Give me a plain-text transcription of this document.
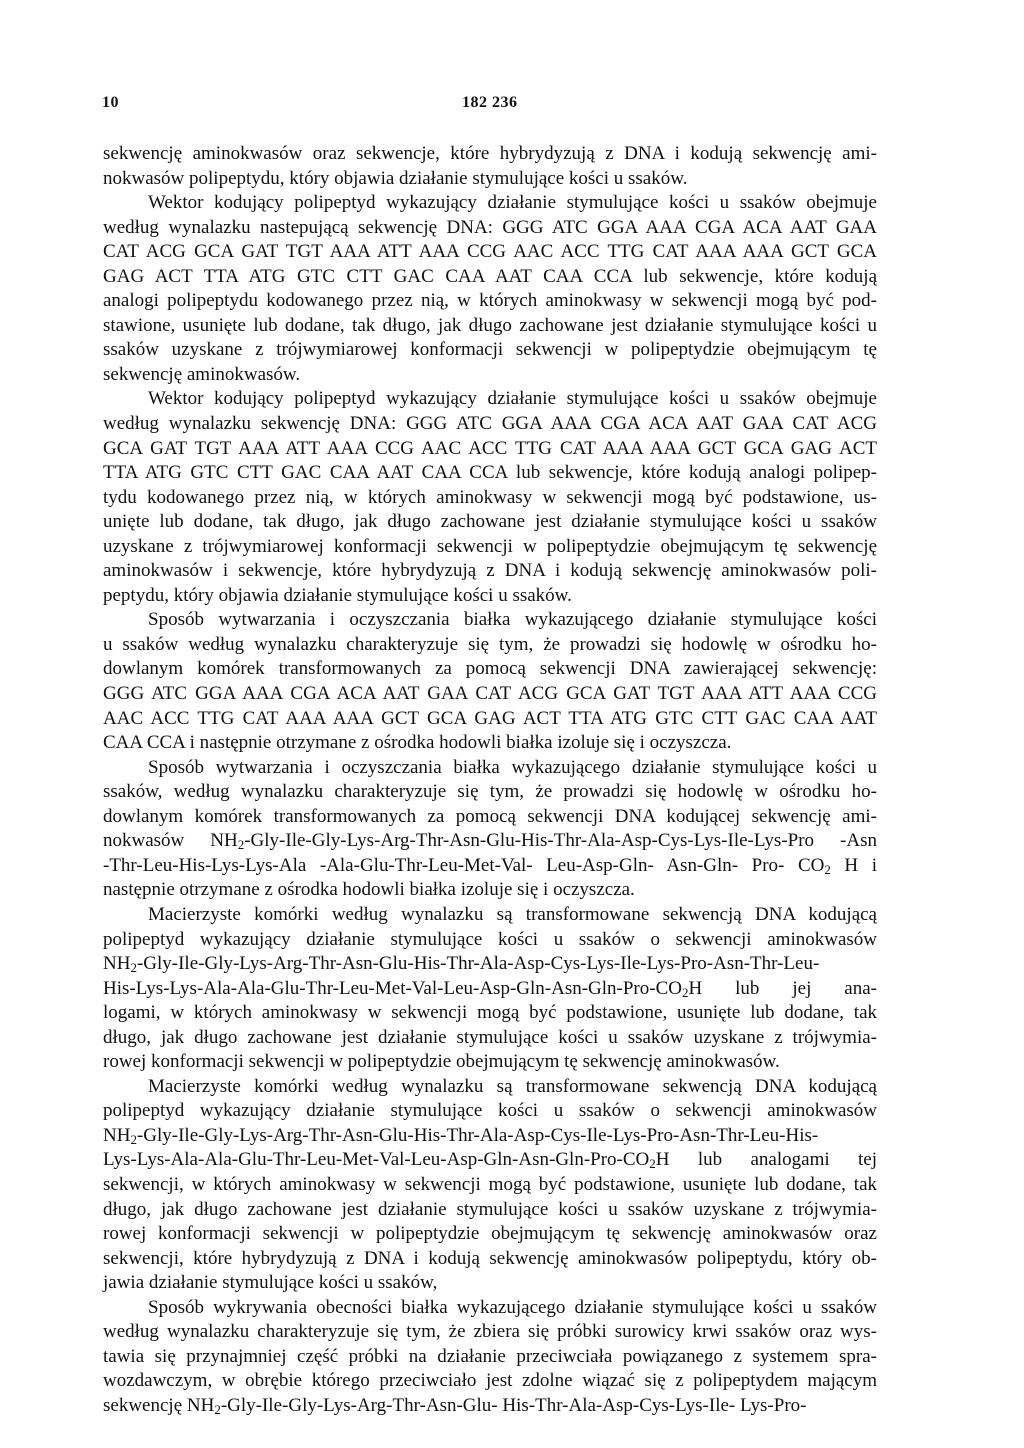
10	182 236
sekwencję aminokwasów oraz sekwencje, które hybrydyzują z DNA i kodują sekwencję ami-
nokwasów polipeptydu, który objawia działanie stymulujące kości u ssaków.
Wektor kodujący polipeptyd wykazujący działanie stymulujące kości u ssaków obejmuje
według wynalazku nastepującą sekwencję DNA: GGG ATC GGA AAA CGA ACA AAT GAA
CAT ACG GCA GAT TGT AAA ATT AAA CCG AAC ACC TTG CAT AAA AAA GCT GCA
GAG ACT TTA ATG GTC CTT GAC CAA AAT CAA CCA lub sekwencje, które kodują
analogi polipeptydu kodowanego przez nią, w których aminokwasy w sekwencji mogą być pod-
stawione, usunięte lub dodane, tak długo, jak długo zachowane jest działanie stymulujące kości u
ssaków uzyskane z trójwymiarowej konformacji sekwencji w polipeptydzie obejmującym tę
sekwencję aminokwasów.
Wektor kodujący polipeptyd wykazujący działanie stymulujące kości u ssaków obejmuje
według wynalazku sekwencję DNA: GGG ATC GGA AAA CGA ACA AAT GAA CAT ACG
GCA GAT TGT AAA ATT AAA CCG AAC ACC TTG CAT AAA AAA GCT GCA GAG ACT
TTA ATG GTC CTT GAC CAA AAT CAA CCA lub sekwencje, które kodują analogi polipep-
tydu kodowanego przez nią, w których aminokwasy w sekwencji mogą być podstawione, us-
unięte lub dodane, tak długo, jak długo zachowane jest działanie stymulujące kości u ssaków
uzyskane z trójwymiarowej konformacji sekwencji w polipeptydzie obejmującym tę sekwencję
aminokwasów i sekwencje, które hybrydyzują z DNA i kodują sekwencję aminokwasów poli-
peptydu, który objawia działanie stymulujące kości u ssaków.
Sposób wytwarzania i oczyszczania białka wykazującego działanie stymulujące kości
u ssaków według wynalazku charakteryzuje się tym, że prowadzi się hodowlę w ośrodku ho-
dowlanym komórek transformowanych za pomocą sekwencji DNA zawierającej sekwencję:
GGG ATC GGA AAA CGA ACA AAT GAA CAT ACG GCA GAT TGT AAA ATT AAA CCG
AAC ACC TTG CAT AAA AAA GCT GCA GAG ACT TTA ATG GTC CTT GAC CAA AAT
CAA CCA i następnie otrzymane z ośrodka hodowli białka izoluje się i oczyszcza.
Sposób wytwarzania i oczyszczania białka wykazującego działanie stymulujące kości u
ssaków, według wynalazku charakteryzuje się tym, że prowadzi się hodowlę w ośrodku ho-
dowlanym komórek transformowanych za pomocą sekwencji DNA kodującej sekwencję ami-
nokwasów $NH_2-Gly-Ile-Gly-Lys-Arg-Thr-Asn-Glu-His-Thr-Ala-Asp-Cys-Lys-Ile-Lys$-Pro -Asn
-Thr-Leu-His-Lys-Lys-Ala -Ala-Glu-Thr-Leu-Met-Val- Leu-Asp-Gln- Asn-Gln- Pro- $CO_2$ H i
następnie otrzymane z ośrodka hodowli białka izoluje się i oczyszcza.
Macierzyste komórki według wynalazku są transformowane sekwencją DNA kodującą
polipeptyd wykazujący działanie stymulujące kości u ssaków o sekwencji aminokwasów
$NH_2-Gly-Ile-Gly-Lys-Arg-Thr-Asn-Glu-His-Thr-Ala-Asp-Cys-Lys-Ile-Lys-Pro-Asn-Thr-Leu-$
His-$Lys-Lys-Ala-Ala-Glu-Thr-Leu-Met-Val-Leu-Asp-Gln-Asn-Gln-Pro-CO_2H$ lub jej ana-
logami, w których aminokwasy w sekwencji mogą być podstawione, usunięte lub dodane, tak
długo, jak długo zachowane jest działanie stymulujące kości u ssaków uzyskane z trójwymia-
rowej konformacji sekwencji w polipeptydzie obejmującym tę sekwencję aminokwasów.
Macierzyste komórki według wynalazku są transformowane sekwencją DNA kodującą
polipeptyd wykazujący działanie stymulujące kości u ssaków o sekwencji aminokwasów
$NH_2-Gly-Ile-Gly-Lys-Arg-Thr-Asn-Glu-His-Thr-Ala-Asp-Cys-Ile-Lys-Pro-Asn-Thr-Leu-His-$
Lys-$Lys-Ala-Ala-Glu-Thr-Leu-Met-Val-Leu-Asp-Gln-Asn-Gln-Pro-CO_2H$ lub analogami tej
sekwencji, w których aminokwasy w sekwencji mogą być podstawione, usunięte lub dodane, tak
długo, jak długo zachowane jest działanie stymulujące kości u ssaków uzyskane z trójwymia-
rowej konformacji sekwencji w polipeptydzie obejmującym tę sekwencję aminokwasów oraz
sekwencji, które hybrydyzują z DNA i kodują sekwencję aminokwasów polipeptydu, który ob-
jawia działanie stymulujące kości u ssaków,
Sposób wykrywania obecności białka wykazującego działanie stymulujące kości u ssaków
według wynalazku charakteryzuje się tym, że zbiera się próbki surowicy krwi ssaków oraz wys-
tawia się przynajmniej część próbki na działanie przeciwciała powiązanego z systemem spra-
wozdawczym, w obrębie którego przeciwciało jest zdolne wiązać się z polipeptydem mającym
sekwencję $NH_2-Gly-Ile-Gly-Lys-Arg-Thr-Asn-Glu-$ His-Thr-Ala-Asp-Cys-Lys-Ile- Lys-Pro-
